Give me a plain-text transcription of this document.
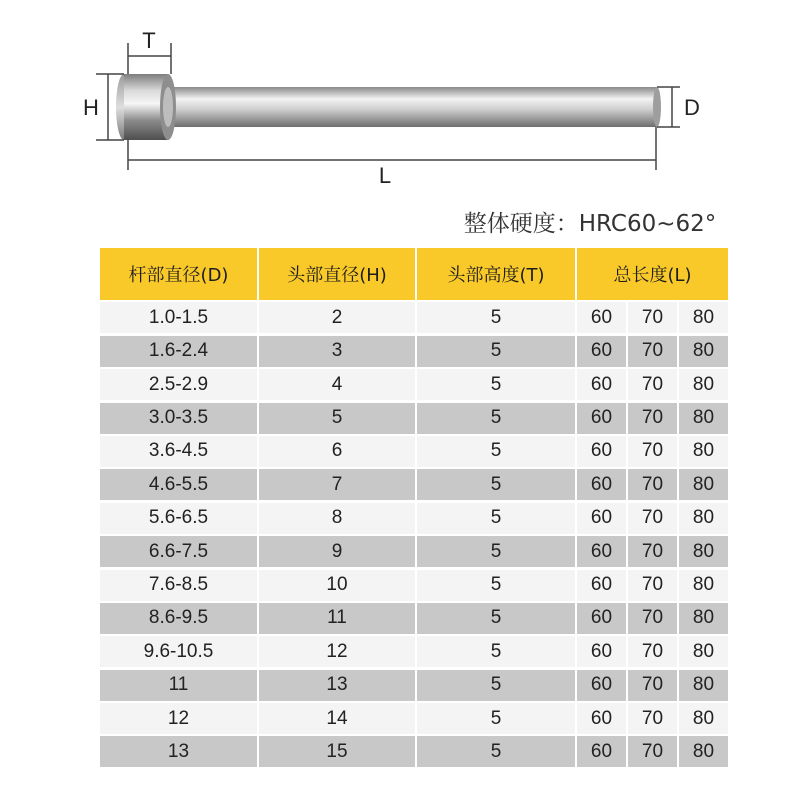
T
H	D
L
整体硬度：HRC60~62°
杆部直径(D)	头部直径(H)	头部高度(T)	总长度(L)
1.0-1.5	2	5	60	70	80
1.6-2.4	3	5	60	70	80
2.5-2.9	4	5	60	70	80
3.0-3.5	5	5	60	70	80
3.6-4.5	6	5	60	70	80
4.6-5.5	7	5	60	70	80
5.6-6.5	8	5	60	70	80
6.6-7.5	9	5	60	70	80
7.6-8.5	10	5	60	70	80
8.6-9.5	11	5	60	70	80
9.6-10.5	12	5	60	70	80
11	13	5	60	70	80
12	14	5	60	70	80
13	15	5	60	70	80
